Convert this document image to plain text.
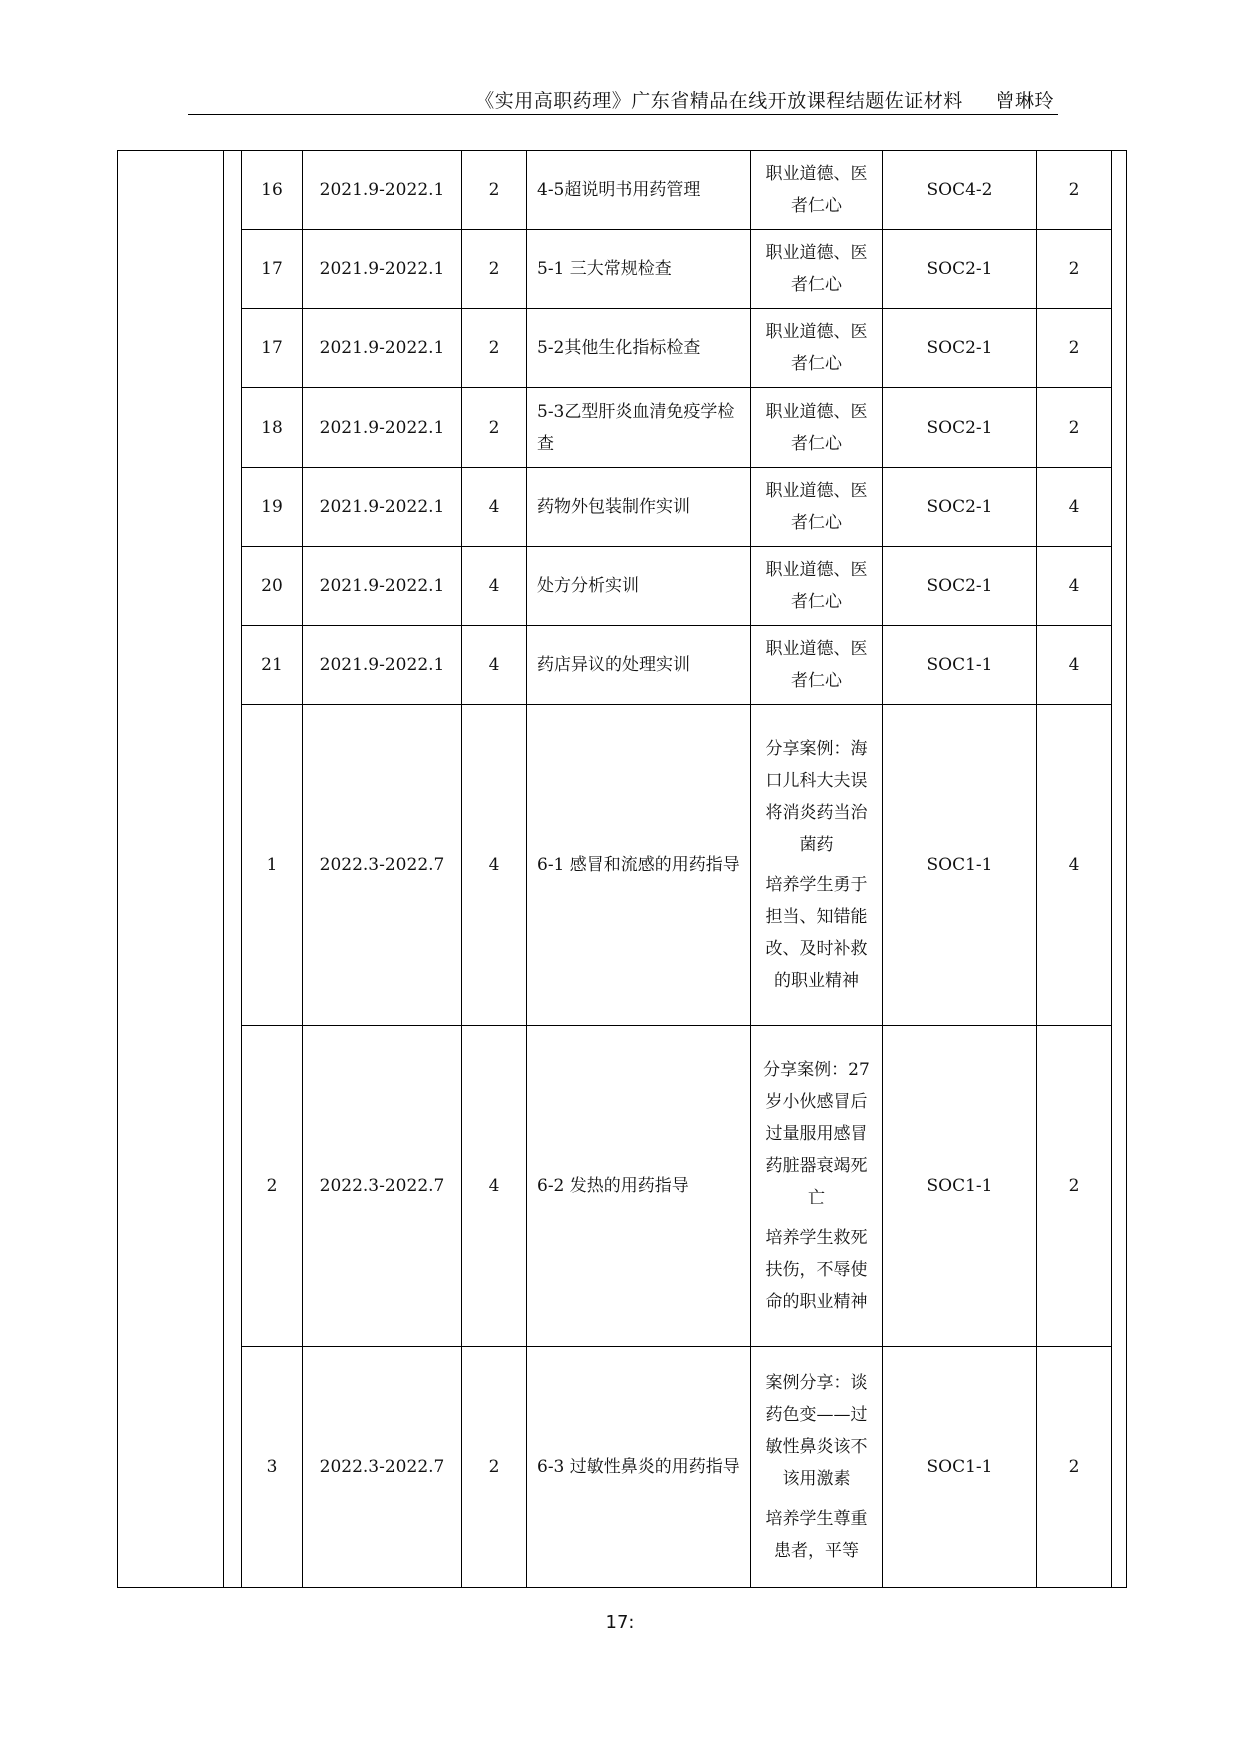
《实用高职药理》广东省精品在线开放课程结题佐证材料 曾琳玲
16	2021.9-2022.1	2	4-5超说明书用药管理	职业道德、医者仁心	SOC4-2	2
17	2021.9-2022.1	2	5-1 三大常规检查	职业道德、医者仁心	SOC2-1	2
17	2021.9-2022.1	2	5-2其他生化指标检查	职业道德、医者仁心	SOC2-1	2
18	2021.9-2022.1	2	5-3乙型肝炎血清免疫学检查	职业道德、医者仁心	SOC2-1	2
19	2021.9-2022.1	4	药物外包装制作实训	职业道德、医者仁心	SOC2-1	4
20	2021.9-2022.1	4	处方分析实训	职业道德、医者仁心	SOC2-1	4
21	2021.9-2022.1	4	药店异议的处理实训	职业道德、医者仁心	SOC1-1	4
1	2022.3-2022.7	4	6-1 感冒和流感的用药指导	分享案例：海口儿科大夫误将消炎药当治菌药
培养学生勇于担当、知错能改、及时补救的职业精神	SOC1-1	4
2	2022.3-2022.7	4	6-2 发热的用药指导	分享案例：27岁小伙感冒后过量服用感冒药脏器衰竭死亡
培养学生救死扶伤，不辱使命的职业精神	SOC1-1	2
3	2022.3-2022.7	2	6-3 过敏性鼻炎的用药指导	案例分享：谈药色变——过敏性鼻炎该不该用激素
培养学生尊重患者，平等	SOC1-1	2
17:
